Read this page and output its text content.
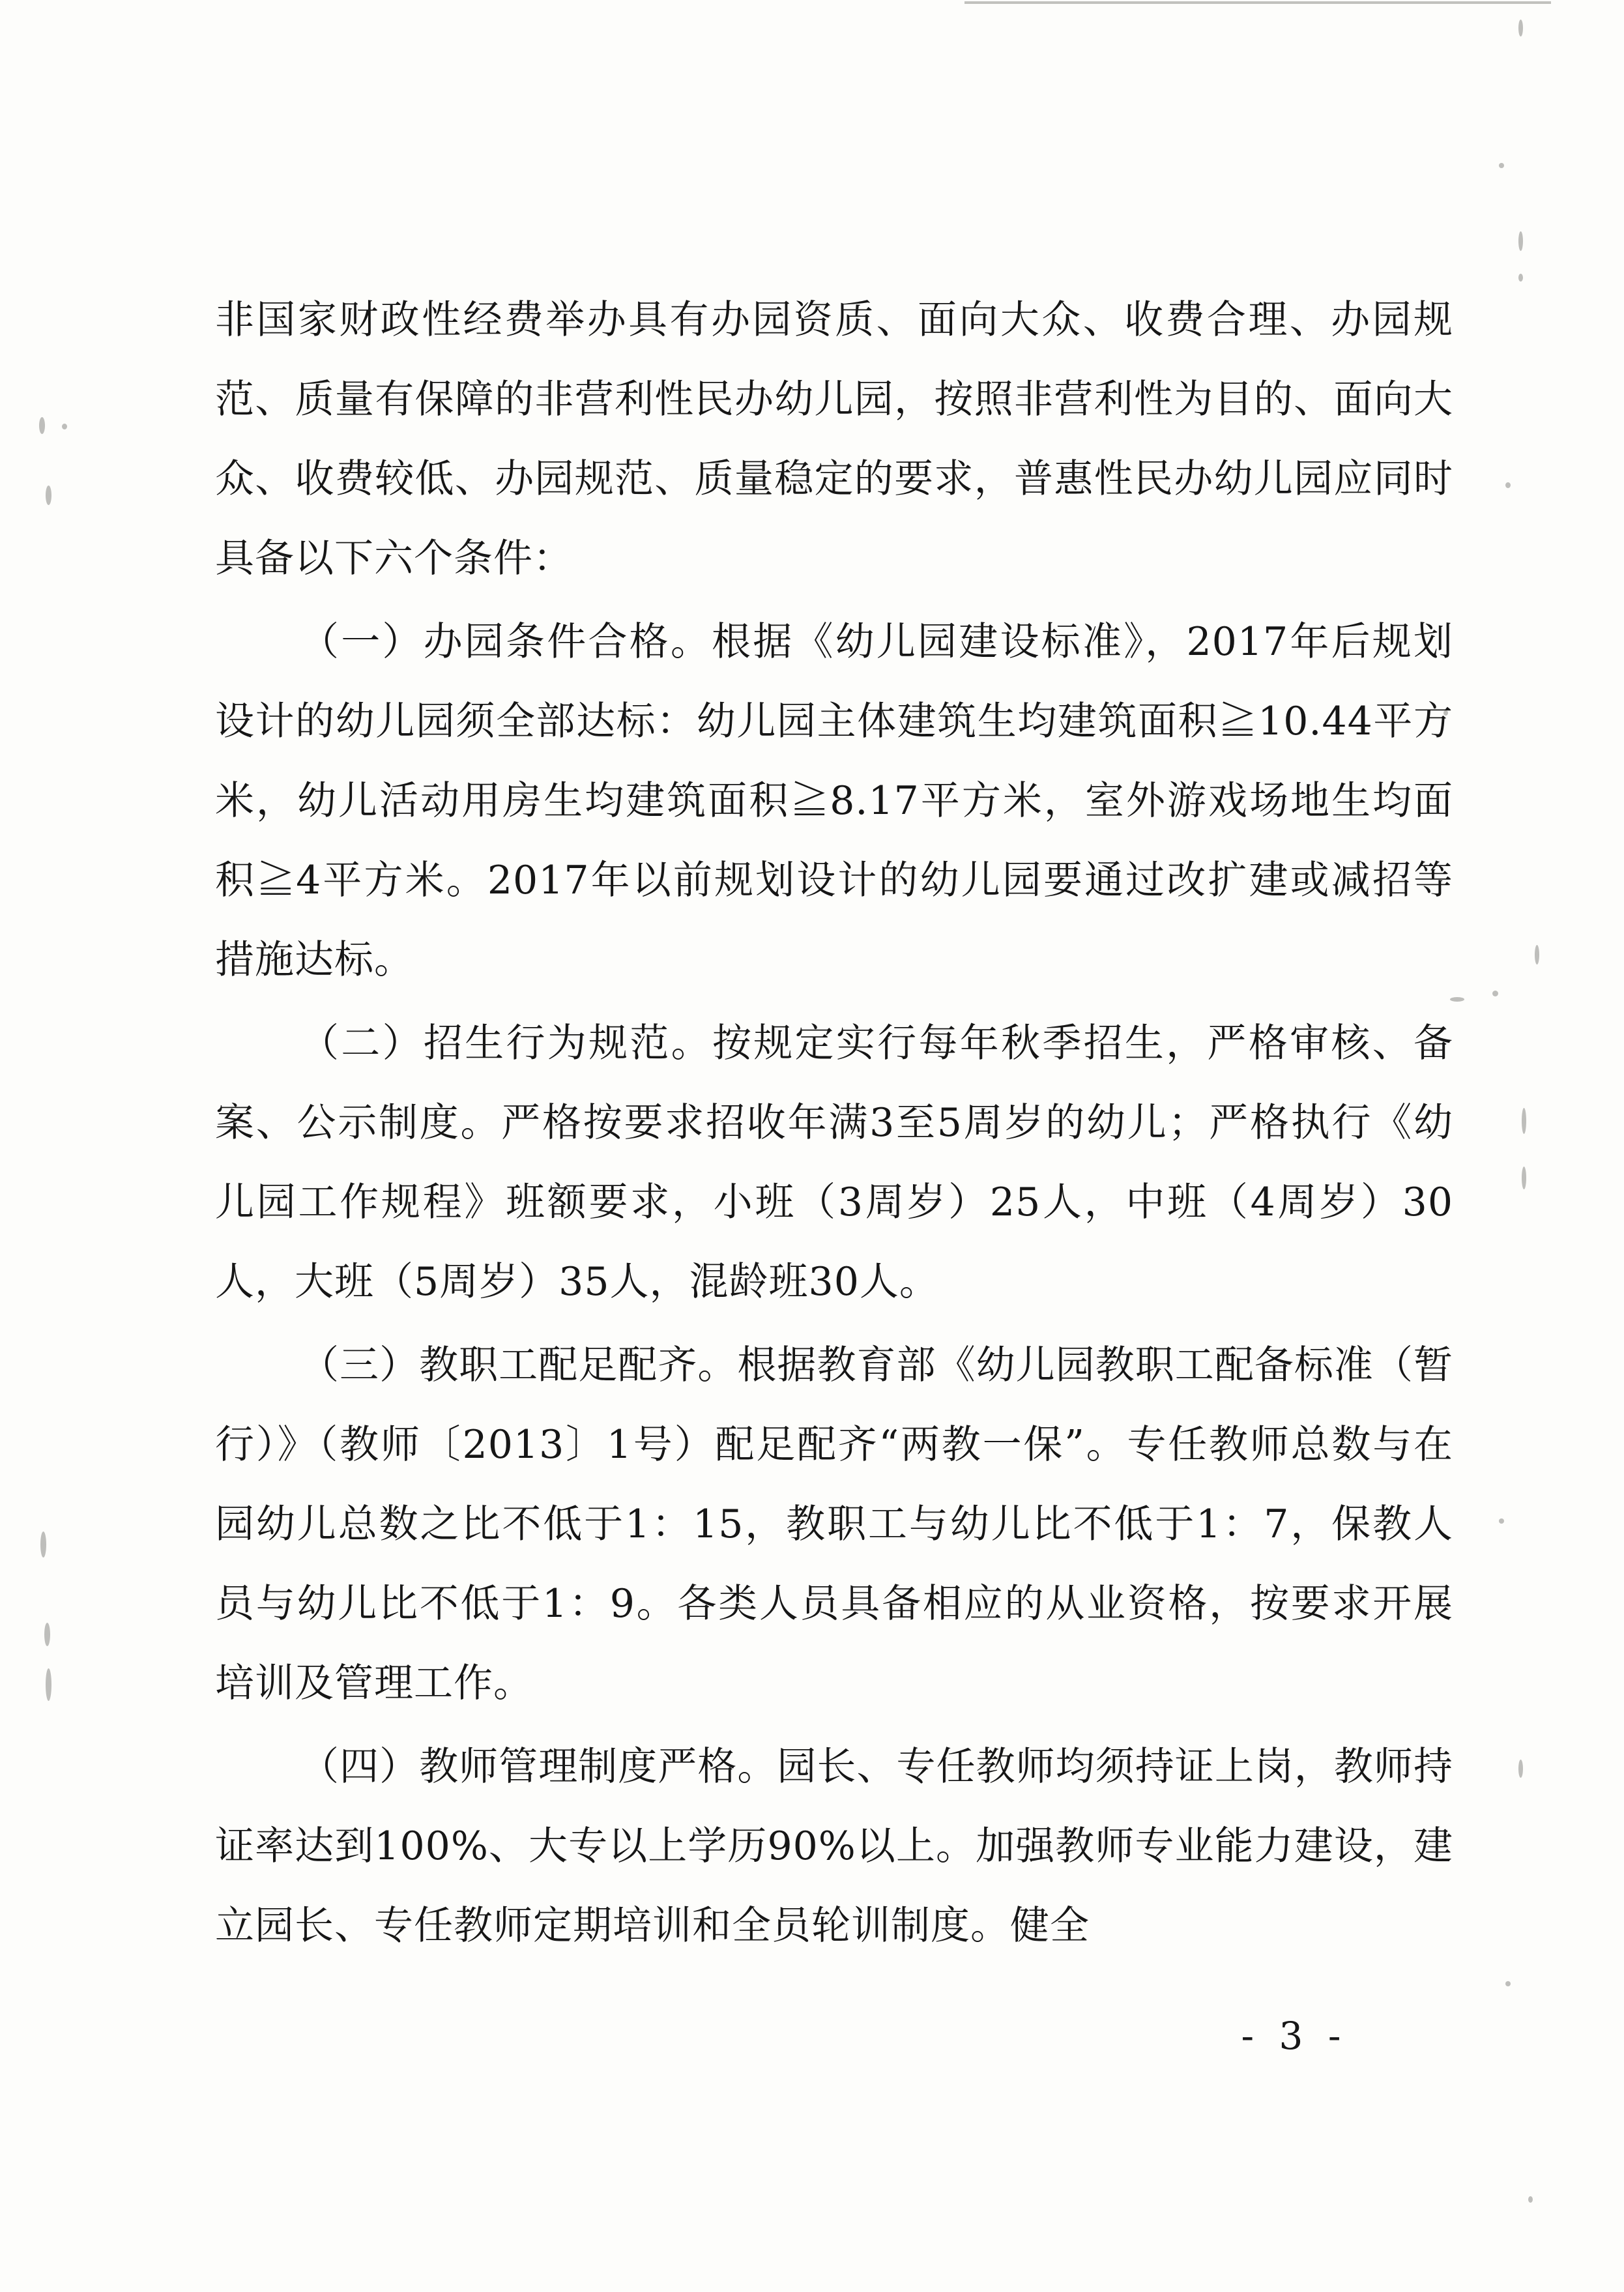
非国家财政性经费举办具有办园资质、面向大众、收费合理、办园规范、质量有保障的非营利性民办幼儿园，按照非营利性为目的、面向大众、收费较低、办园规范、质量稳定的要求，普惠性民办幼儿园应同时具备以下六个条件：

（一）办园条件合格。根据《幼儿园建设标准》，2017年后规划设计的幼儿园须全部达标：幼儿园主体建筑生均建筑面积≧10.44平方米，幼儿活动用房生均建筑面积≧8.17平方米，室外游戏场地生均面积≧4平方米。2017年以前规划设计的幼儿园要通过改扩建或减招等措施达标。

（二）招生行为规范。按规定实行每年秋季招生，严格审核、备案、公示制度。严格按要求招收年满3至5周岁的幼儿；严格执行《幼儿园工作规程》班额要求，小班（3周岁）25人，中班（4周岁）30人，大班（5周岁）35人，混龄班30人。

（三）教职工配足配齐。根据教育部《幼儿园教职工配备标准（暂行）》（教师〔2013〕1号）配足配齐“两教一保”。专任教师总数与在园幼儿总数之比不低于1：15，教职工与幼儿比不低于1：7，保教人员与幼儿比不低于1：9。各类人员具备相应的从业资格，按要求开展培训及管理工作。

（四）教师管理制度严格。园长、专任教师均须持证上岗，教师持证率达到100%、大专以上学历90%以上。加强教师专业能力建设，建立园长、专任教师定期培训和全员轮训制度。健全

- 3 -
